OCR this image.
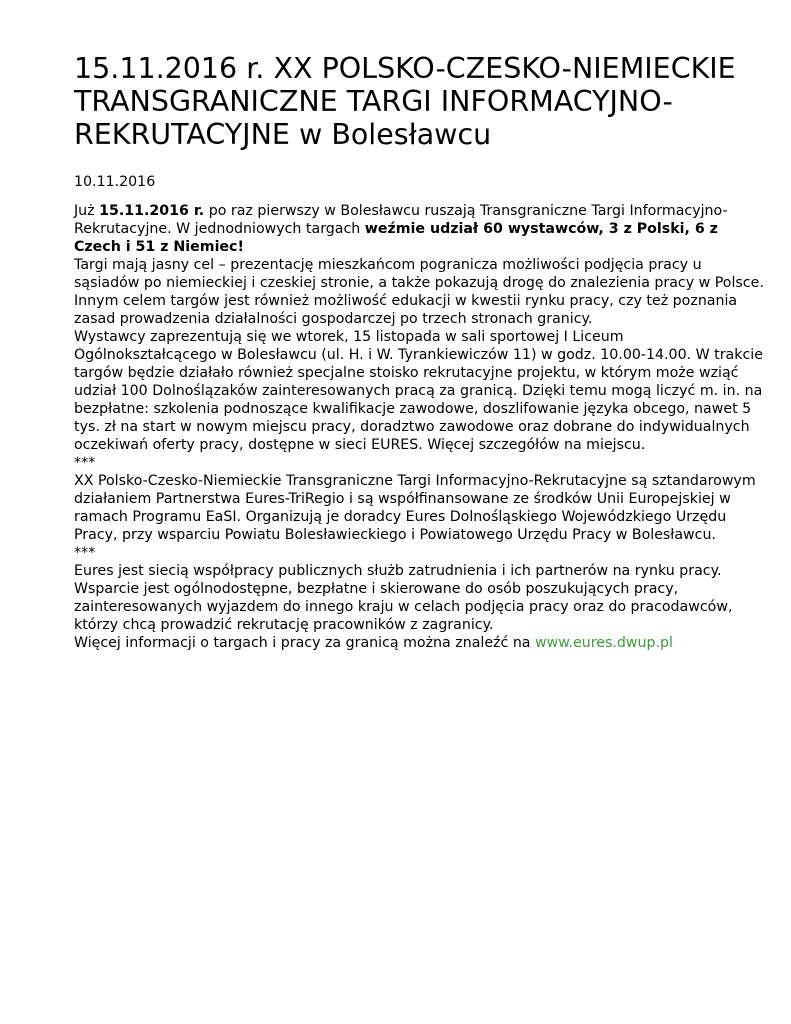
15.11.2016 r. XX POLSKO-CZESKO-NIEMIECKIE TRANSGRANICZNE TARGI INFORMACYJNO-REKRUTACYJNE w Bolesławcu
10.11.2016

Już 15.11.2016 r. po raz pierwszy w Bolesławcu ruszają Transgraniczne Targi Informacyjno-Rekrutacyjne. W jednodniowych targach weźmie udział 60 wystawców, 3 z Polski, 6 z Czech i 51 z Niemiec!

Targi mają jasny cel – prezentację mieszkańcom pogranicza możliwości podjęcia pracy u sąsiadów po niemieckiej i czeskiej stronie, a także pokazują drogę do znalezienia pracy w Polsce. Innym celem targów jest również możliwość edukacji w kwestii rynku pracy, czy też poznania zasad prowadzenia działalności gospodarczej po trzech stronach granicy.

Wystawcy zaprezentują się we wtorek, 15 listopada w sali sportowej I Liceum Ogólnokształcącego w Bolesławcu (ul. H. i W. Tyrankiewiczów 11) w godz. 10.00-14.00. W trakcie targów będzie działało również specjalne stoisko rekrutacyjne projektu, w którym może wziąć udział 100 Dolnoślązaków zainteresowanych pracą za granicą. Dzięki temu mogą liczyć m. in. na bezpłatne: szkolenia podnoszące kwalifikacje zawodowe, doszlifowanie języka obcego, nawet 5 tys. zł na start w nowym miejscu pracy, doradztwo zawodowe oraz dobrane do indywidualnych oczekiwań oferty pracy, dostępne w sieci EURES. Więcej szczegółów na miejscu.

***

XX Polsko-Czesko-Niemieckie Transgraniczne Targi Informacyjno-Rekrutacyjne są sztandarowym działaniem Partnerstwa Eures-TriRegio i są współfinansowane ze środków Unii Europejskiej w ramach Programu EaSI. Organizują je doradcy Eures Dolnośląskiego Wojewódzkiego Urzędu Pracy, przy wsparciu Powiatu Bolesławieckiego i Powiatowego Urzędu Pracy w Bolesławcu.

***

Eures jest siecią współpracy publicznych służb zatrudnienia i ich partnerów na rynku pracy. Wsparcie jest ogólnodostępne, bezpłatne i skierowane do osób poszukujących pracy, zainteresowanych wyjazdem do innego kraju w celach podjęcia pracy oraz do pracodawców, którzy chcą prowadzić rekrutację pracowników z zagranicy.

Więcej informacji o targach i pracy za granicą można znaleźć na www.eures.dwup.pl
